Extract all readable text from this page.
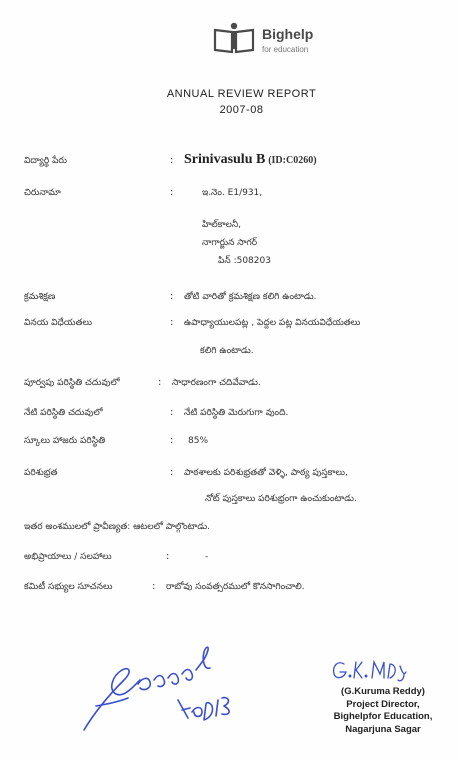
Bighelp
for education
ANNUAL REVIEW REPORT
2007-08
విద్యార్థి పేరు	: Srinivasulu B (ID:C0260)
చిరునామా	:	ఇ.నెం. E1/931,
హిల్‌కాలనీ,
నాగార్జున సాగర్
పిన్ :508203
క్రమశిక్షణ	: తోటి వారితో క్రమశిక్షణ కలిగి ఉంటాడు.
వినయ విధేయతలు	: ఉపాధ్యాయులపట్ల , పెద్దల పట్ల వినయవిధేయతలు
కలిగి ఉంటాడు.
పూర్వపు పరిస్థితి చదువులో	: సాధారణంగా చదివేవాడు.
నేటి పరిస్థితి చదువులో	: నేటి పరిస్థితి మెరుగుగా వుంది.
స్కూలు హాజరు పరిస్థితి	: 85%
పరిశుభ్రత	: పాఠశాలకు పరిశుభ్రతతో వెళ్ళి, పాఠ్య పుస్తకాలు,
నోట్ పుస్తకాలు పరిశుభ్రంగా ఉంచుకుంటాడు.
ఇతర అంశములలో ప్రావీణ్యత: ఆటలలో పాల్గొంటాడు.
అభిప్రాయాలు / సలహాలు	:	-
కమిటీ సభ్యుల సూచనలు	: రాబోవు సంవత్సరములో కొనసాగించాలి.
(G.Kuruma Reddy)
Project Director,
Bighelpfor Education,
Nagarjuna Sagar
